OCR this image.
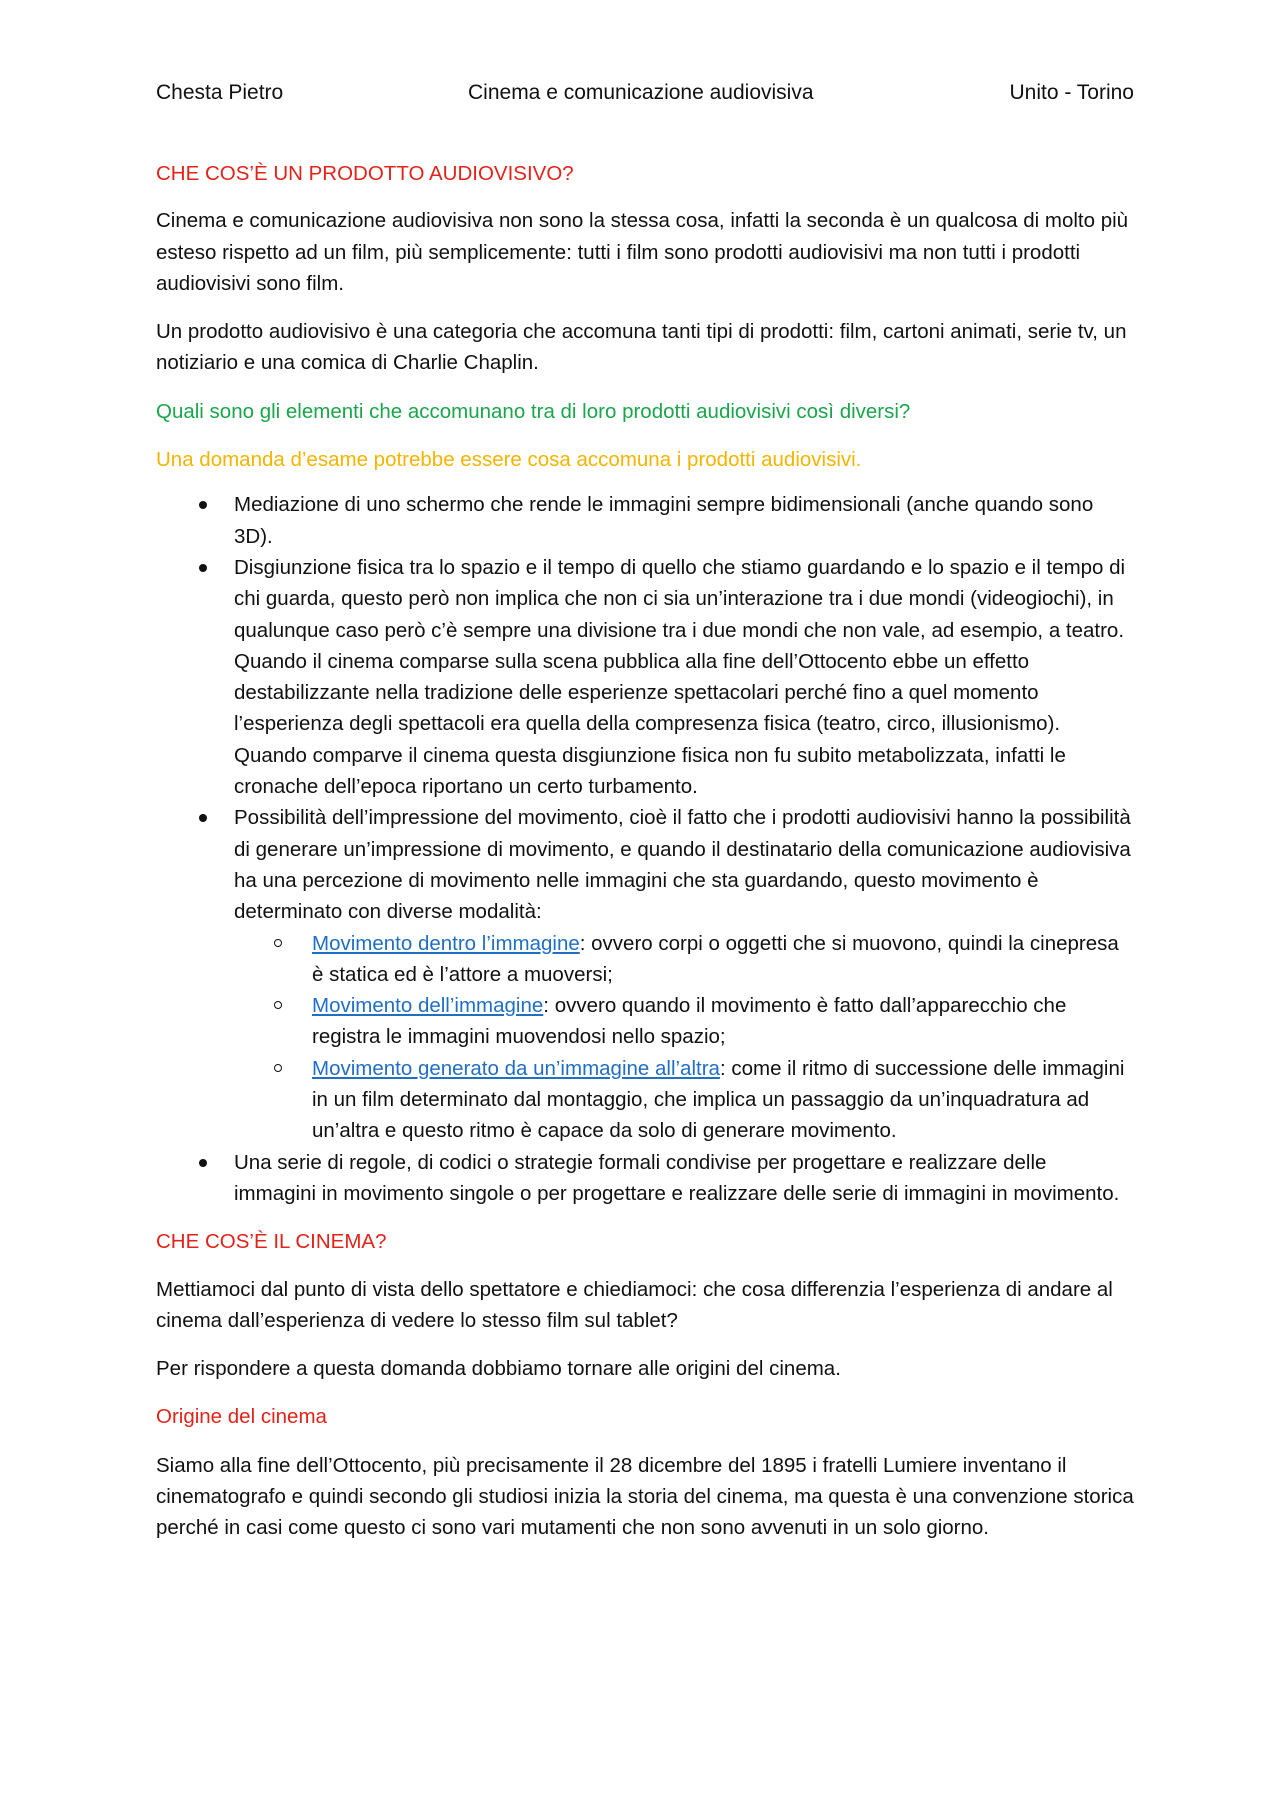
Chesta Pietro	Cinema e comunicazione audiovisiva	Unito - Torino

CHE COS’È UN PRODOTTO AUDIOVISIVO?

Cinema e comunicazione audiovisiva non sono la stessa cosa, infatti la seconda è un qualcosa di molto più esteso rispetto ad un film, più semplicemente: tutti i film sono prodotti audiovisivi ma non tutti i prodotti audiovisivi sono film.

Un prodotto audiovisivo è una categoria che accomuna tanti tipi di prodotti: film, cartoni animati, serie tv, un notiziario e una comica di Charlie Chaplin.

Quali sono gli elementi che accomunano tra di loro prodotti audiovisivi così diversi?

Una domanda d’esame potrebbe essere cosa accomuna i prodotti audiovisivi.

Mediazione di uno schermo che rende le immagini sempre bidimensionali (anche quando sono 3D).
Disgiunzione fisica tra lo spazio e il tempo di quello che stiamo guardando e lo spazio e il tempo di chi guarda, questo però non implica che non ci sia un’interazione tra i due mondi (videogiochi), in qualunque caso però c’è sempre una divisione tra i due mondi che non vale, ad esempio, a teatro.
Quando il cinema comparse sulla scena pubblica alla fine dell’Ottocento ebbe un effetto destabilizzante nella tradizione delle esperienze spettacolari perché fino a quel momento l’esperienza degli spettacoli era quella della compresenza fisica (teatro, circo, illusionismo). Quando comparve il cinema questa disgiunzione fisica non fu subito metabolizzata, infatti le cronache dell’epoca riportano un certo turbamento.
Possibilità dell’impressione del movimento, cioè il fatto che i prodotti audiovisivi hanno la possibilità di generare un’impressione di movimento, e quando il destinatario della comunicazione audiovisiva ha una percezione di movimento nelle immagini che sta guardando, questo movimento è determinato con diverse modalità:
Movimento dentro l’immagine: ovvero corpi o oggetti che si muovono, quindi la cinepresa è statica ed è l’attore a muoversi;
Movimento dell’immagine: ovvero quando il movimento è fatto dall’apparecchio che registra le immagini muovendosi nello spazio;
Movimento generato da un’immagine all’altra: come il ritmo di successione delle immagini in un film determinato dal montaggio, che implica un passaggio da un’inquadratura ad un’altra e questo ritmo è capace da solo di generare movimento.
Una serie di regole, di codici o strategie formali condivise per progettare e realizzare delle immagini in movimento singole o per progettare e realizzare delle serie di immagini in movimento.

CHE COS’È IL CINEMA?

Mettiamoci dal punto di vista dello spettatore e chiediamoci: che cosa differenzia l’esperienza di andare al cinema dall’esperienza di vedere lo stesso film sul tablet?

Per rispondere a questa domanda dobbiamo tornare alle origini del cinema.

Origine del cinema

Siamo alla fine dell’Ottocento, più precisamente il 28 dicembre del 1895 i fratelli Lumiere inventano il cinematografo e quindi secondo gli studiosi inizia la storia del cinema, ma questa è una convenzione storica perché in casi come questo ci sono vari mutamenti che non sono avvenuti in un solo giorno.
